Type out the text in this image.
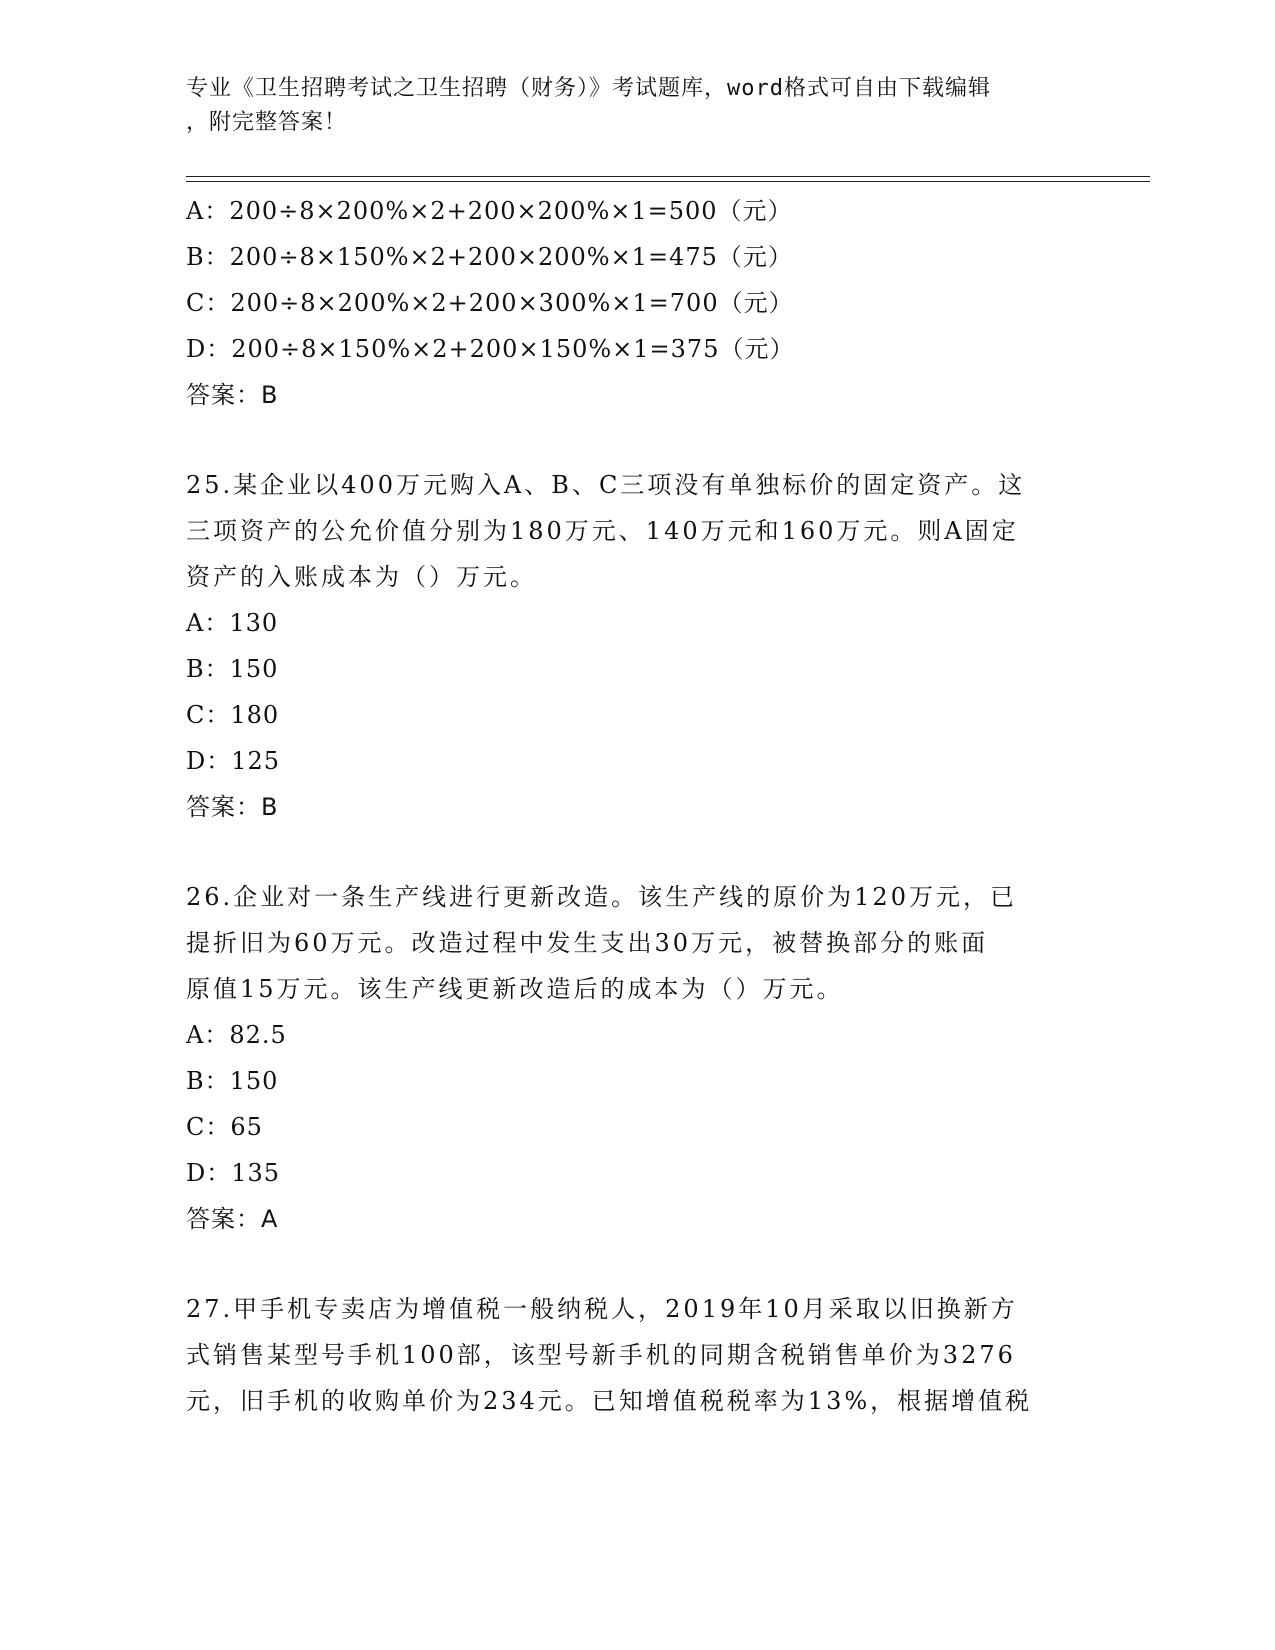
专业《卫生招聘考试之卫生招聘（财务）》考试题库，word格式可自由下载编辑
，附完整答案！
A：200÷8×200%×2+200×200%×1=500（元）
B：200÷8×150%×2+200×200%×1=475（元）
C：200÷8×200%×2+200×300%×1=700（元）
D：200÷8×150%×2+200×150%×1=375（元）
答案：B
25.某企业以400万元购入A、B、C三项没有单独标价的固定资产。这
三项资产的公允价值分别为180万元、140万元和160万元。则A固定
资产的入账成本为（）万元。
A：130
B：150
C：180
D：125
答案：B
26.企业对一条生产线进行更新改造。该生产线的原价为120万元，已
提折旧为60万元。改造过程中发生支出30万元，被替换部分的账面
原值15万元。该生产线更新改造后的成本为（）万元。
A：82.5
B：150
C：65
D：135
答案：A
27.甲手机专卖店为增值税一般纳税人，2019年10月采取以旧换新方
式销售某型号手机100部，该型号新手机的同期含税销售单价为3276
元，旧手机的收购单价为234元。已知增值税税率为13%，根据增值税
